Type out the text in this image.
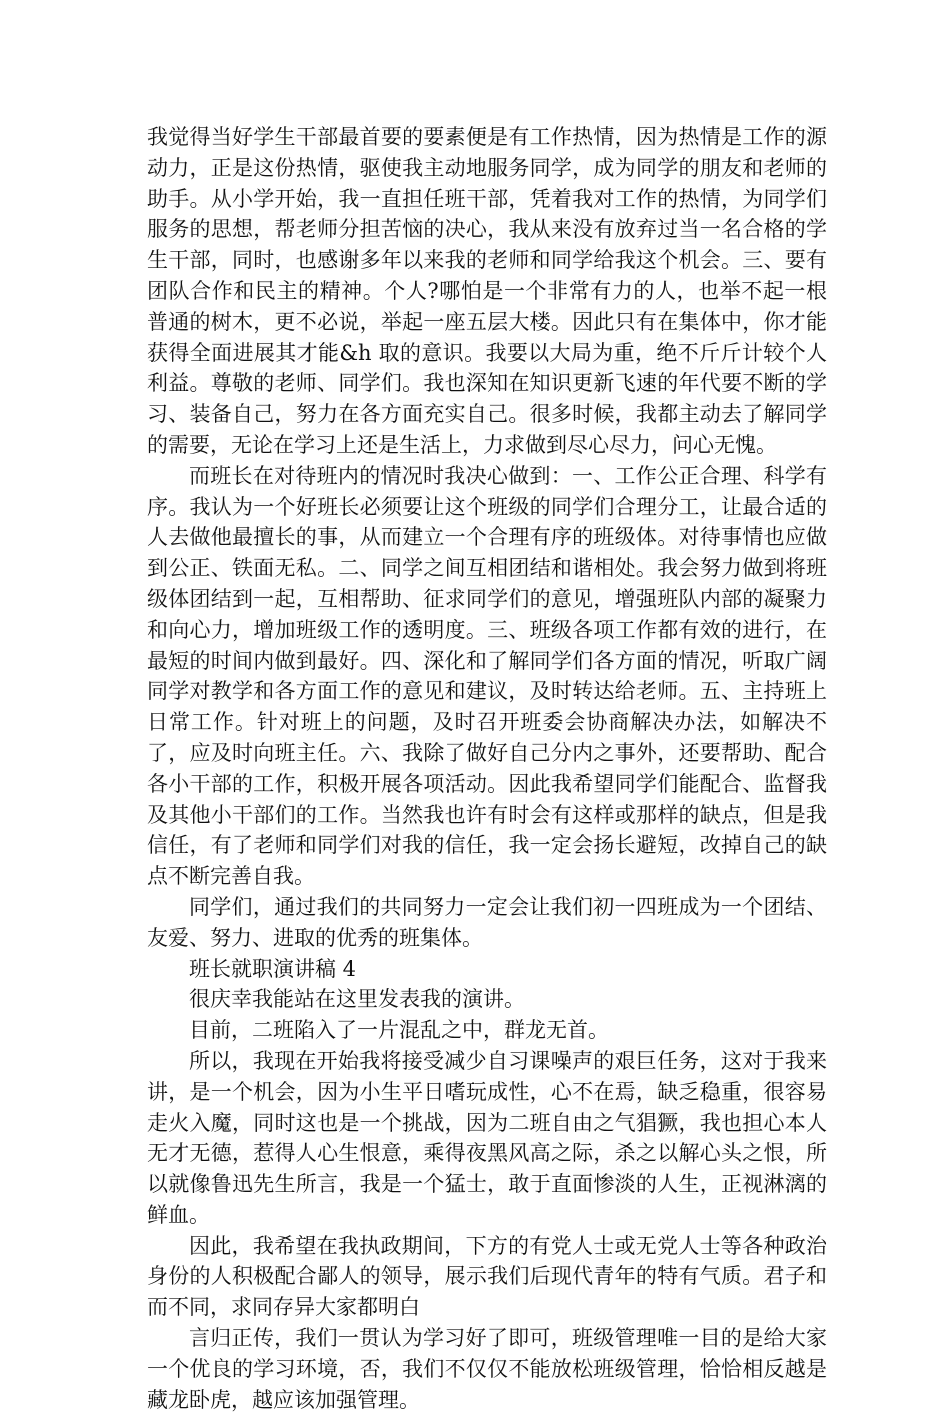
我觉得当好学生干部最首要的要素便是有工作热情，因为热情是工作的源动力，正是这份热情，驱使我主动地服务同学，成为同学的朋友和老师的助手。从小学开始，我一直担任班干部，凭着我对工作的热情，为同学们服务的思想，帮老师分担苦恼的决心，我从来没有放弃过当一名合格的学生干部，同时，也感谢多年以来我的老师和同学给我这个机会。三、要有团队合作和民主的精神。个人?哪怕是一个非常有力的人，也举不起一根普通的树木，更不必说，举起一座五层大楼。因此只有在集体中，你才能获得全面进展其才能&h 取的意识。我要以大局为重，绝不斤斤计较个人利益。尊敬的老师、同学们。我也深知在知识更新飞速的年代要不断的学习、装备自己，努力在各方面充实自己。很多时候，我都主动去了解同学的需要，无论在学习上还是生活上，力求做到尽心尽力，问心无愧。

而班长在对待班内的情况时我决心做到：一、工作公正合理、科学有序。我认为一个好班长必须要让这个班级的同学们合理分工，让最合适的人去做他最擅长的事，从而建立一个合理有序的班级体。对待事情也应做到公正、铁面无私。二、同学之间互相团结和谐相处。我会努力做到将班级体团结到一起，互相帮助、征求同学们的意见，增强班队内部的凝聚力和向心力，增加班级工作的透明度。三、班级各项工作都有效的进行，在最短的时间内做到最好。四、深化和了解同学们各方面的情况，听取广阔同学对教学和各方面工作的意见和建议，及时转达给老师。五、主持班上日常工作。针对班上的问题，及时召开班委会协商解决办法，如解决不了，应及时向班主任。六、我除了做好自己分内之事外，还要帮助、配合各小干部的工作，积极开展各项活动。因此我希望同学们能配合、监督我及其他小干部们的工作。当然我也许有时会有这样或那样的缺点，但是我信任，有了老师和同学们对我的信任，我一定会扬长避短，改掉自己的缺点不断完善自我。

同学们，通过我们的共同努力一定会让我们初一四班成为一个团结、友爱、努力、进取的优秀的班集体。

班长就职演讲稿 4

很庆幸我能站在这里发表我的演讲。

目前，二班陷入了一片混乱之中，群龙无首。

所以，我现在开始我将接受减少自习课噪声的艰巨任务，这对于我来讲，是一个机会，因为小生平日嗜玩成性，心不在焉，缺乏稳重，很容易走火入魔，同时这也是一个挑战，因为二班自由之气猖獗，我也担心本人无才无德，惹得人心生恨意，乘得夜黑风高之际，杀之以解心头之恨，所以就像鲁迅先生所言，我是一个猛士，敢于直面惨淡的人生，正视淋漓的鲜血。

因此，我希望在我执政期间，下方的有党人士或无党人士等各种政治身份的人积极配合鄙人的领导，展示我们后现代青年的特有气质。君子和而不同，求同存异大家都明白

言归正传，我们一贯认为学习好了即可，班级管理唯一目的是给大家一个优良的学习环境，否，我们不仅仅不能放松班级管理，恰恰相反越是藏龙卧虎，越应该加强管理。
